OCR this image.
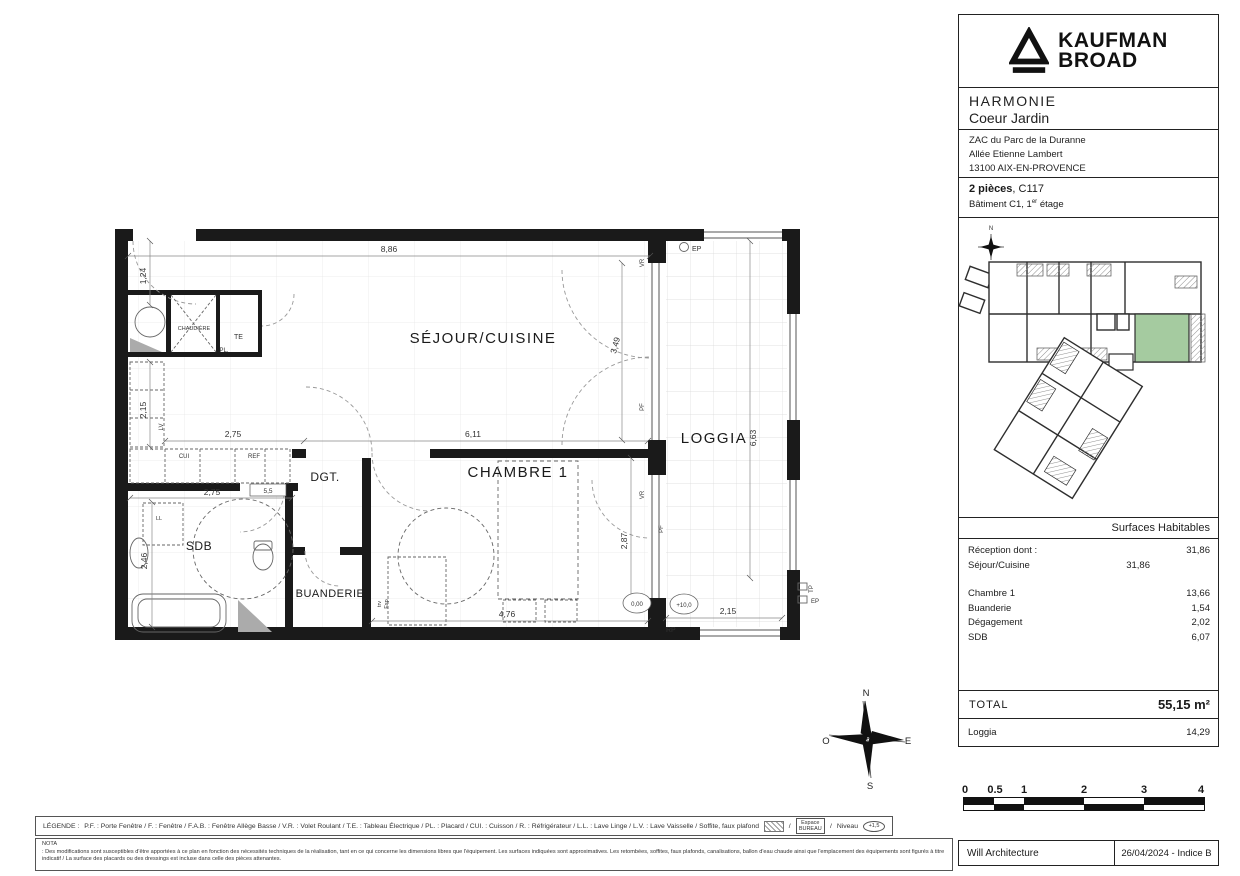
SÉJOUR/CUISINE
CHAMBRE 1
LOGGIA
DGT.
SDB
BUANDERIE
CHAUDIÈRE
8,86
1,24
2,15
2,75	6,11
2,75	5,5
2,46
4,76
2,87
3,49
6,63
2,15
TE
PL.
CUI	REF
LV
LL
Esp
trv
VR
VR
PF
PF
EP
TP
EP
RP
0,00	+10,0
N
S
E
O
KAUFMAN
BROAD
HARMONIE
Coeur Jardin
ZAC du Parc de la Duranne
Allée Etienne Lambert
13100 AIX-EN-PROVENCE
2 pièces, C117
Bâtiment C1, 1er étage
N
Surfaces Habitables
Réception dont :	31,86
Séjour/Cuisine	31,86
Chambre 1	13,66
Buanderie	1,54
Dégagement	2,02
SDB	6,07
TOTAL	55,15 m²
Loggia	14,29
0 0.5 1	2	3	4
Will Architecture	26/04/2024 - Indice B
LÉGENDE : P.F. : Porte Fenêtre / F. : Fenêtre / F.A.B. : Fenêtre Allège Basse / V.R. : Volet Roulant / T.E. : Tableau Électrique / PL. : Placard / CUI. : Cuisson / R. : Réfrigérateur / L.L. : Lave Linge / L.V. : Lave Vaisselle / Soffite, faux plafond	/ Espace
BUREAU / Niveau	+1,5
NOTA
: Des modifications sont susceptibles d'être apportées à ce plan en fonction des nécessités techniques de la réalisation, tant en ce qui concerne les dimensions libres que l'équipement. Les surfaces indiquées sont approximatives. Les retombées, soffites, faux plafonds, canalisations, ballon d'eau chaude ainsi que l'emplacement des équipements sont figurés à titre
indicatif / La surface des placards ou des dressings est incluse dans celle des pièces attenantes.
